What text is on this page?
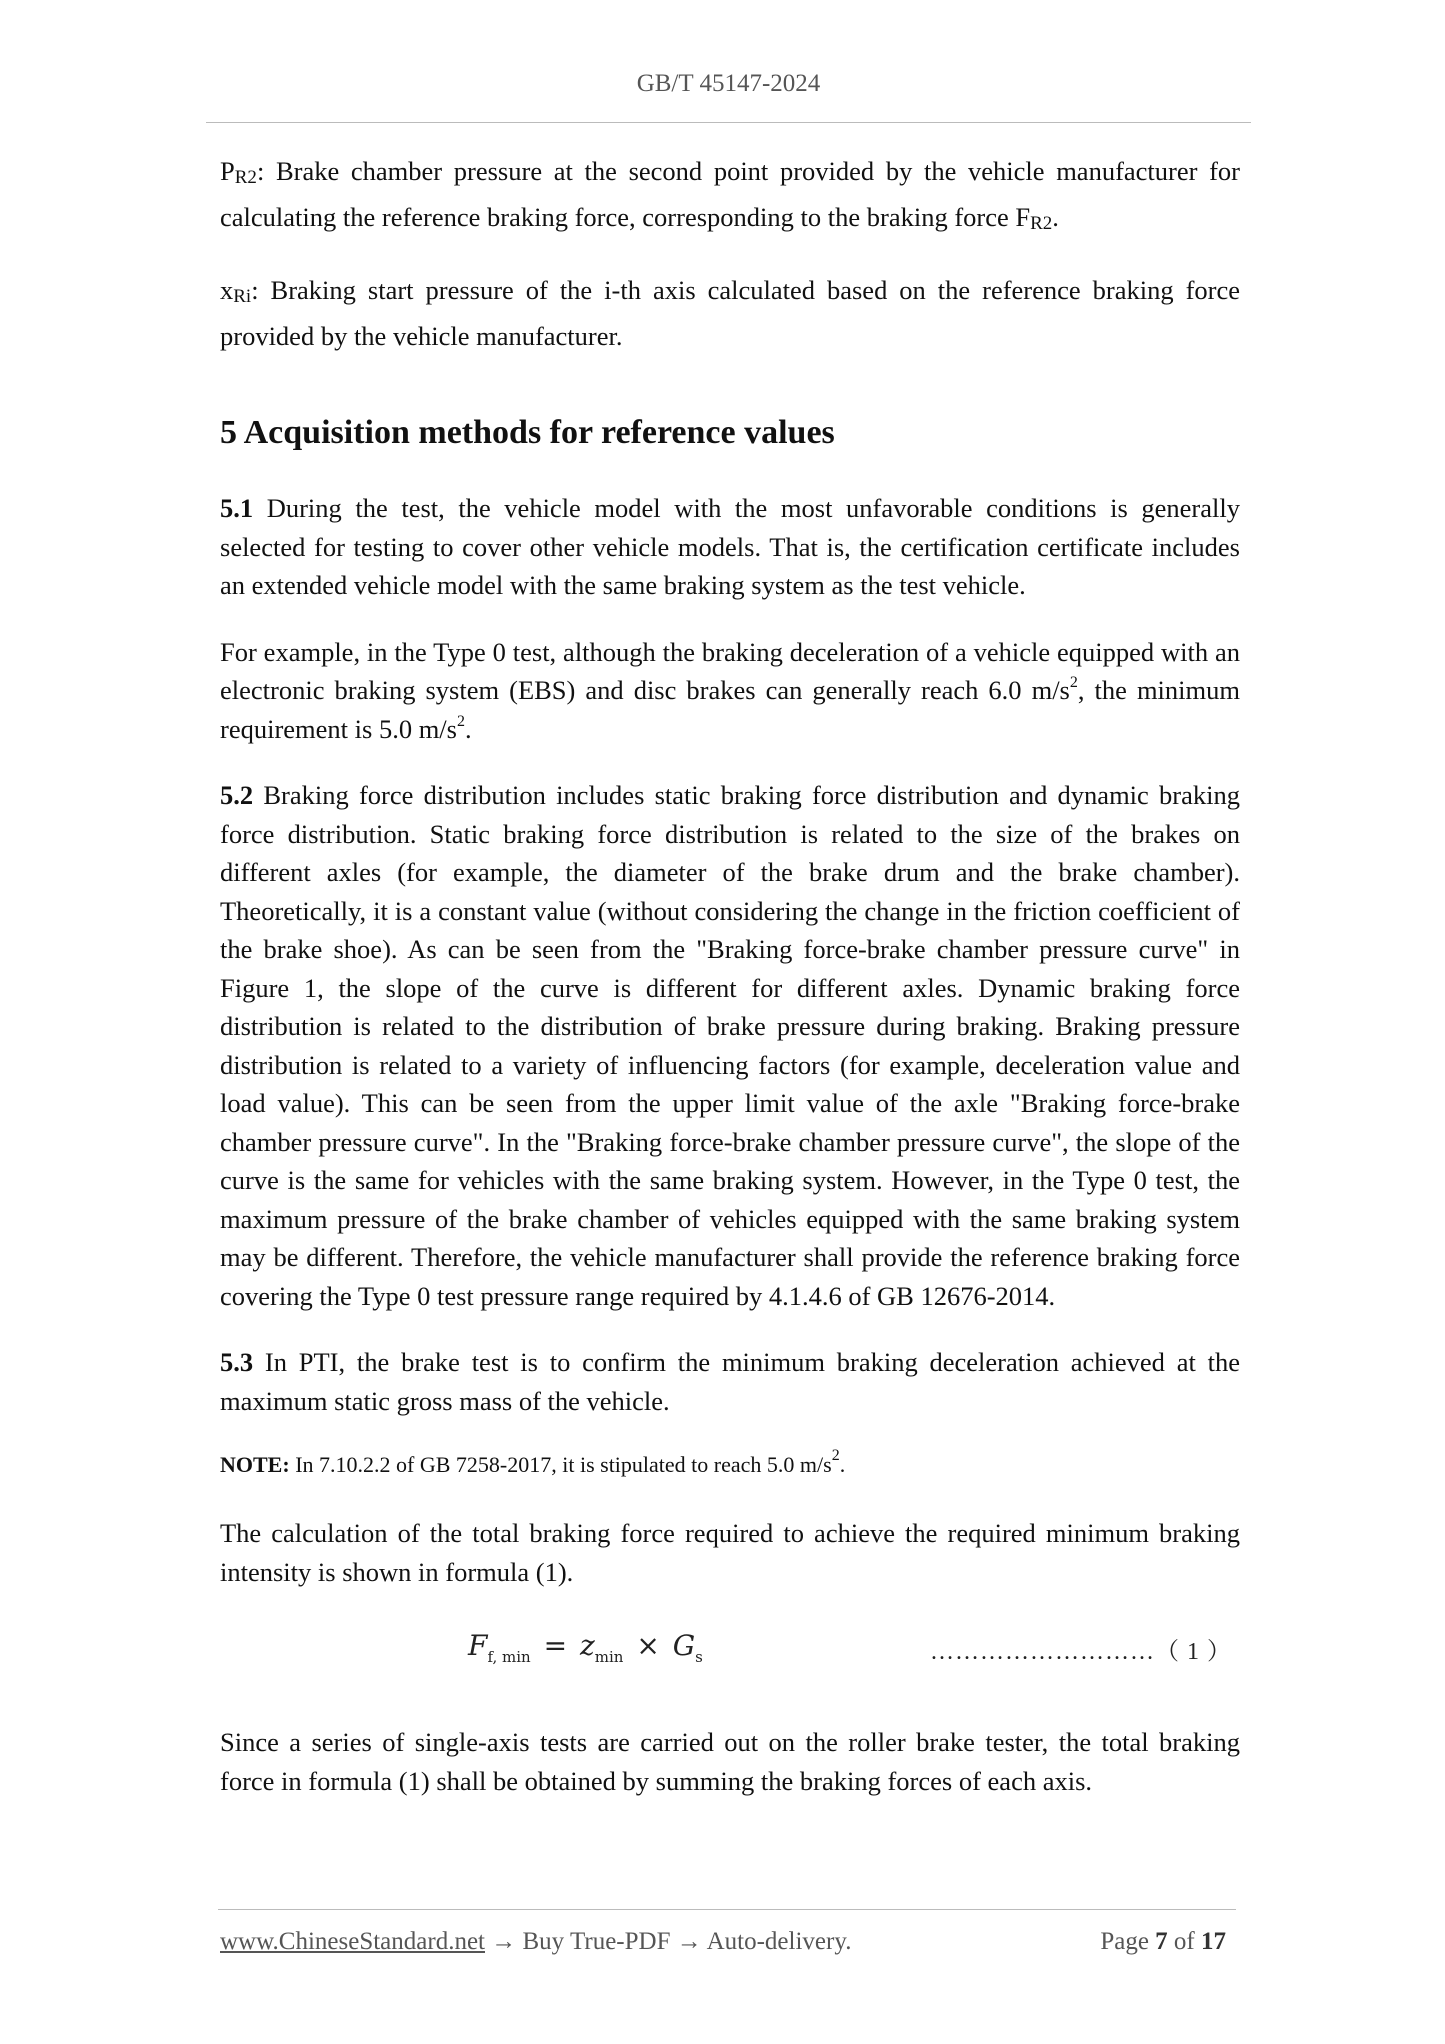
GB/T 45147-2024

PR2: Brake chamber pressure at the second point provided by the vehicle manufacturer for calculating the reference braking force, corresponding to the braking force FR2.

xRi: Braking start pressure of the i-th axis calculated based on the reference braking force provided by the vehicle manufacturer.

5 Acquisition methods for reference values

5.1 During the test, the vehicle model with the most unfavorable conditions is generally selected for testing to cover other vehicle models. That is, the certification certificate includes an extended vehicle model with the same braking system as the test vehicle.

For example, in the Type 0 test, although the braking deceleration of a vehicle equipped with an electronic braking system (EBS) and disc brakes can generally reach 6.0 $m/s^2$, the minimum requirement is 5.0 $m/s^2$.

5.2 Braking force distribution includes static braking force distribution and dynamic braking force distribution. Static braking force distribution is related to the size of the brakes on different axles (for example, the diameter of the brake drum and the brake chamber). Theoretically, it is a constant value (without considering the change in the friction coefficient of the brake shoe). As can be seen from the "Braking force-brake chamber pressure curve" in Figure 1, the slope of the curve is different for different axles. Dynamic braking force distribution is related to the distribution of brake pressure during braking. Braking pressure distribution is related to a variety of influencing factors (for example, deceleration value and load value). This can be seen from the upper limit value of the axle "Braking force-brake chamber pressure curve". In the "Braking force-brake chamber pressure curve", the slope of the curve is the same for vehicles with the same braking system. However, in the Type 0 test, the maximum pressure of the brake chamber of vehicles equipped with the same braking system may be different. Therefore, the vehicle manufacturer shall provide the reference braking force covering the Type 0 test pressure range required by 4.1.4.6 of GB 12676-2014.

5.3 In PTI, the brake test is to confirm the minimum braking deceleration achieved at the maximum static gross mass of the vehicle.

NOTE: In 7.10.2.2 of GB 7258-2017, it is stipulated to reach 5.0 $m/s^2$.

The calculation of the total braking force required to achieve the required minimum braking intensity is shown in formula (1).

$F_{f, min} = z_{min} \times G_s$	………………………（ 1 ）

Since a series of single-axis tests are carried out on the roller brake tester, the total braking force in formula (1) shall be obtained by summing the braking forces of each axis.

www.ChineseStandard.net → Buy True-PDF → Auto-delivery.	Page 7 of 17
